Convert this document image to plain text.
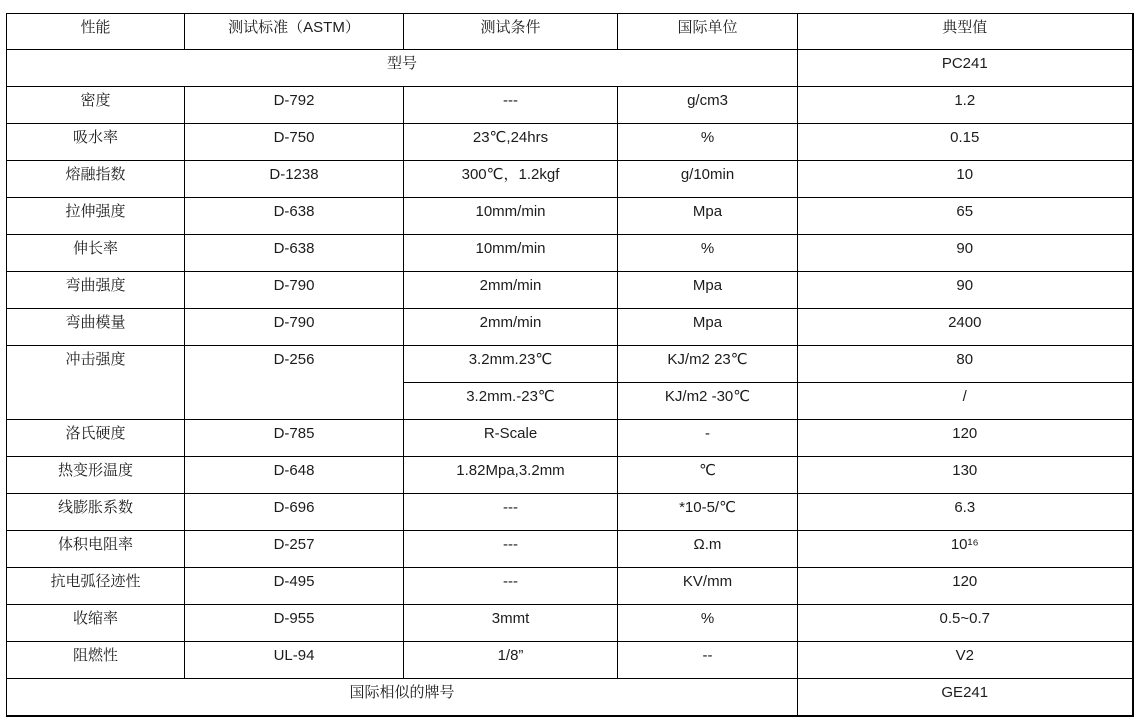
性能	测试标准（ASTM）	测试条件	国际单位	典型值
型号				PC241
密度	D-792	---	g/cm3	1.2
吸水率	D-750	23℃,24hrs	%	0.15
熔融指数	D-1238	300℃，1.2kgf	g/10min	10
拉伸强度	D-638	10mm/min	Mpa	65
伸长率	D-638	10mm/min	%	90
弯曲强度	D-790	2mm/min	Mpa	90
弯曲模量	D-790	2mm/min	Mpa	2400
冲击强度	D-256	3.2mm.23℃	KJ/m2 23℃	80
		3.2mm.-23℃	KJ/m2 -30℃	/
洛氏硬度	D-785	R-Scale	-	120
热变形温度	D-648	1.82Mpa,3.2mm	℃	130
线膨胀系数	D-696	---	*10-5/℃	6.3
体积电阻率	D-257	---	Ω.m	10¹⁶
抗电弧径迹性	D-495	---	KV/mm	120
收缩率	D-955	3mmt	%	0.5~0.7
阻燃性	UL-94	1/8”	--	V2
国际相似的牌号				GE241
